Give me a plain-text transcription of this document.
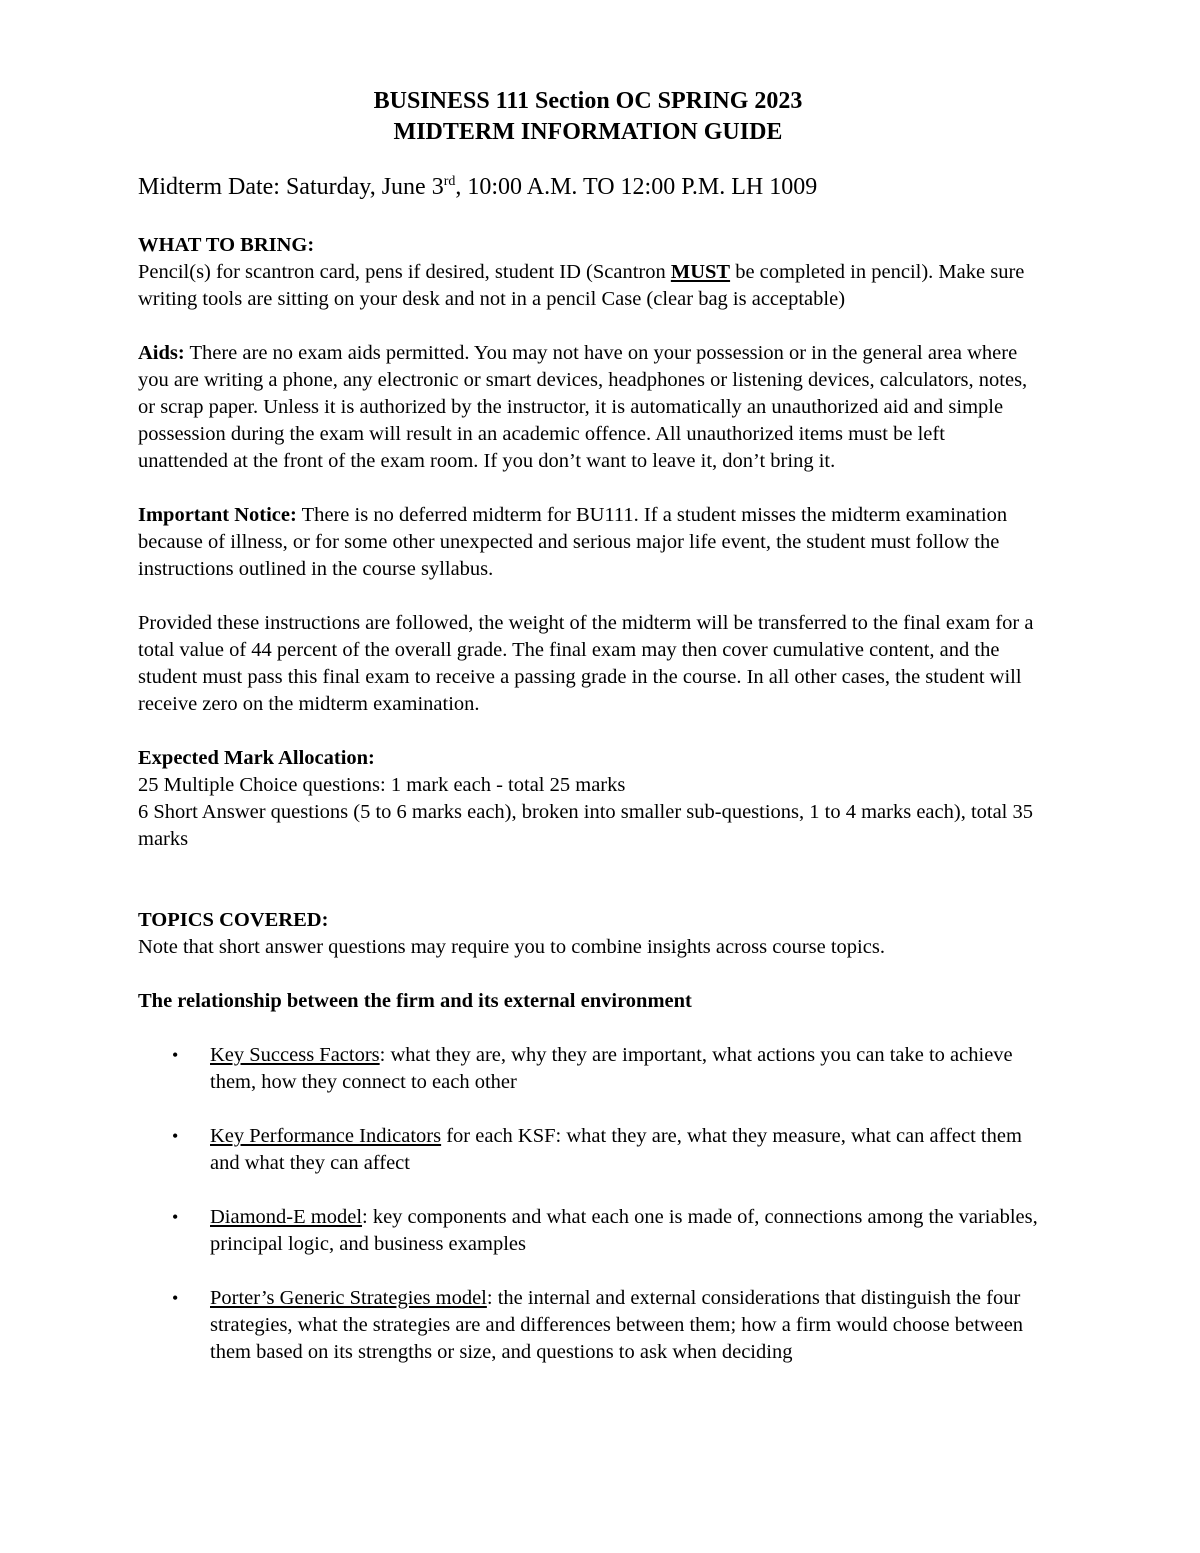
BUSINESS 111 Section OC SPRING 2023

MIDTERM INFORMATION GUIDE

Midterm Date: Saturday, June 3rd, 10:00 A.M. TO 12:00 P.M. LH 1009

WHAT TO BRING:

Pencil(s) for scantron card, pens if desired, student ID (Scantron MUST be completed in pencil). Make sure writing tools are sitting on your desk and not in a pencil Case (clear bag is acceptable)

Aids: There are no exam aids permitted. You may not have on your possession or in the general area where you are writing a phone, any electronic or smart devices, headphones or listening devices, calculators, notes, or scrap paper. Unless it is authorized by the instructor, it is automatically an unauthorized aid and simple possession during the exam will result in an academic offence. All unauthorized items must be left unattended at the front of the exam room. If you don’t want to leave it, don’t bring it.

Important Notice: There is no deferred midterm for BU111. If a student misses the midterm examination because of illness, or for some other unexpected and serious major life event, the student must follow the instructions outlined in the course syllabus.

Provided these instructions are followed, the weight of the midterm will be transferred to the final exam for a total value of 44 percent of the overall grade. The final exam may then cover cumulative content, and the student must pass this final exam to receive a passing grade in the course. In all other cases, the student will receive zero on the midterm examination.

Expected Mark Allocation:

25 Multiple Choice questions: 1 mark each - total 25 marks

6 Short Answer questions (5 to 6 marks each), broken into smaller sub-questions, 1 to 4 marks each), total 35 marks

TOPICS COVERED:

Note that short answer questions may require you to combine insights across course topics.

The relationship between the firm and its external environment

• Key Success Factors: what they are, why they are important, what actions you can take to achieve them, how they connect to each other
• Key Performance Indicators for each KSF: what they are, what they measure, what can affect them and what they can affect
• Diamond-E model: key components and what each one is made of, connections among the variables, principal logic, and business examples
• Porter’s Generic Strategies model: the internal and external considerations that distinguish the four strategies, what the strategies are and differences between them; how a firm would choose between them based on its strengths or size, and questions to ask when deciding
